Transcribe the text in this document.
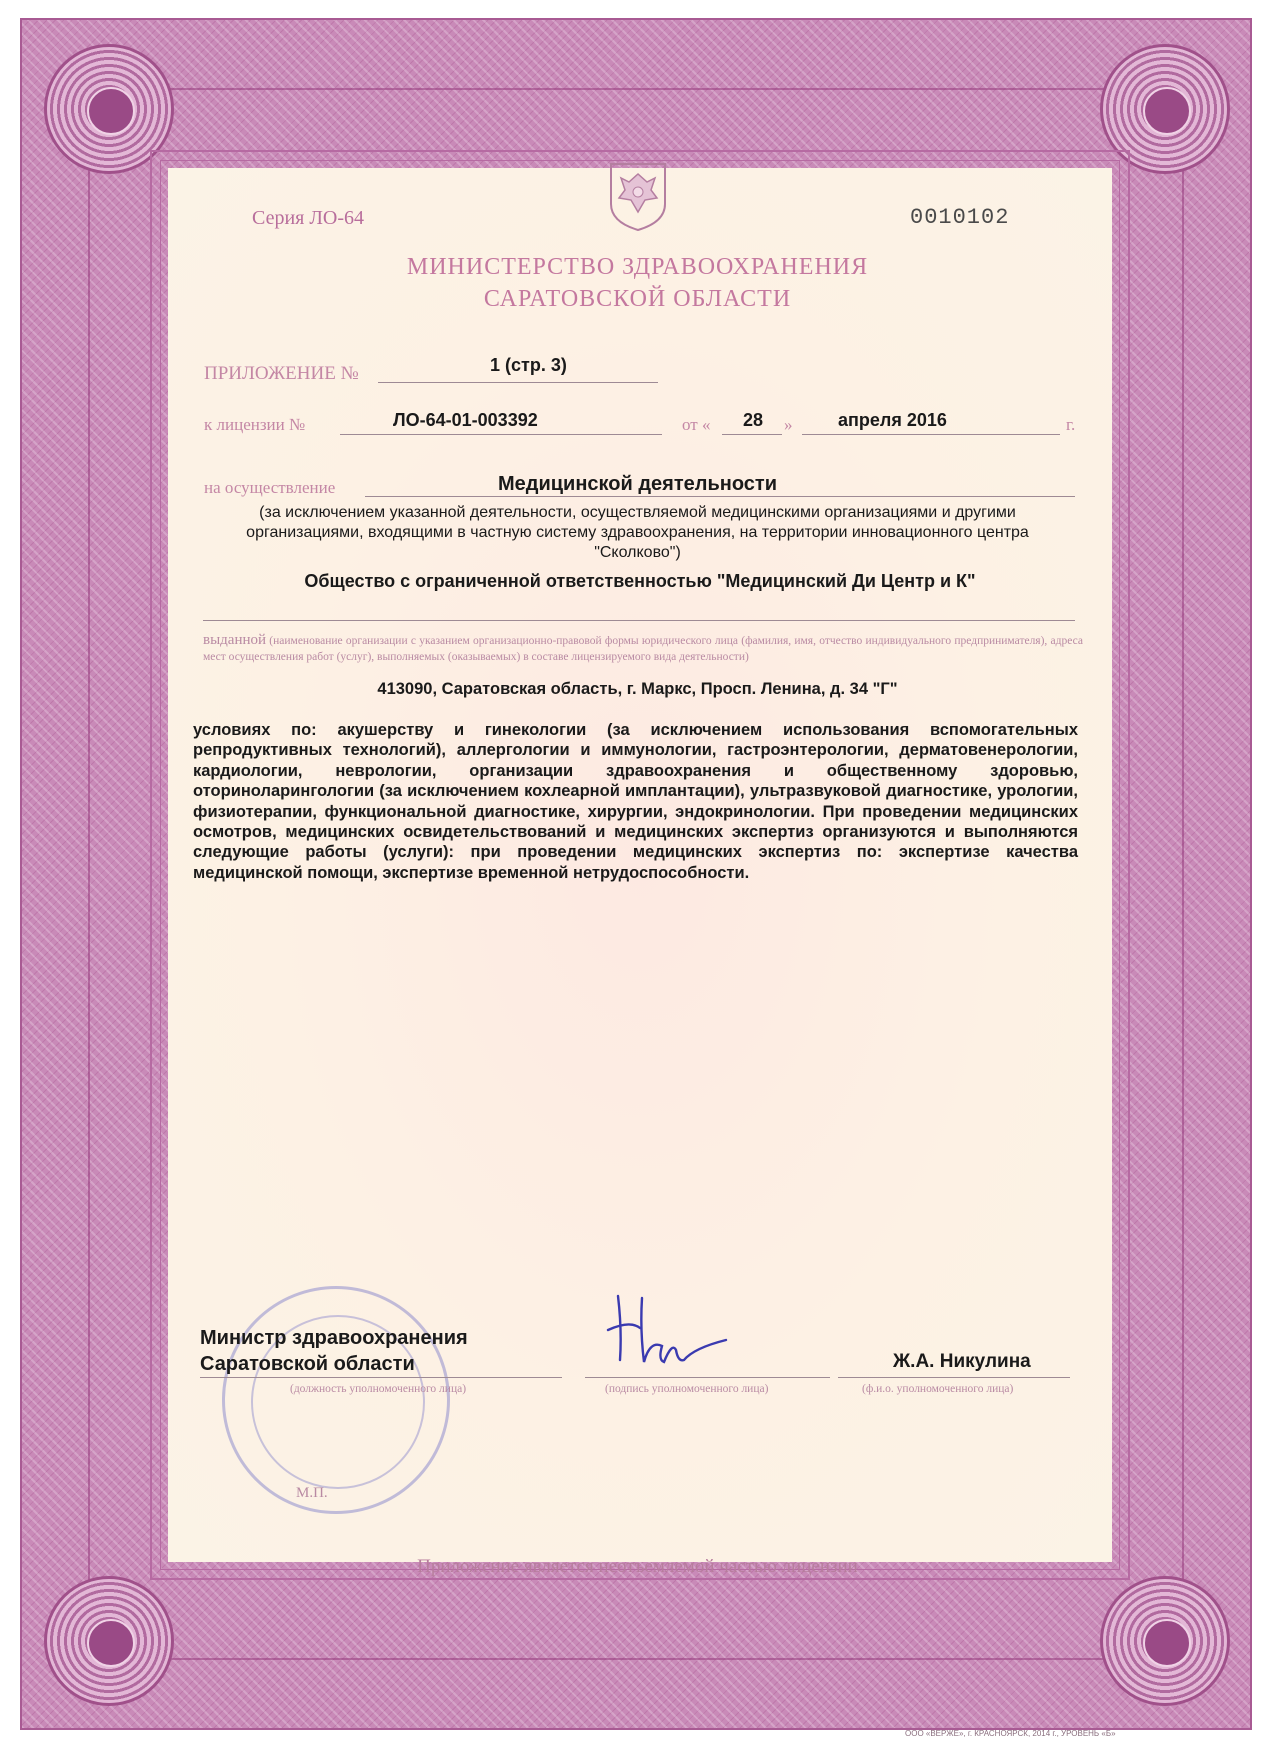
Серия ЛО-64	0010102
МИНИСТЕРСТВО ЗДРАВООХРАНЕНИЯ
САРАТОВСКОЙ ОБЛАСТИ
ПРИЛОЖЕНИЕ №	1 (стр. 3)
к лицензии №	ЛО-64-01-003392	от « 28 »	апреля 2016	г.
на осуществление	Медицинской деятельности
(за исключением указанной деятельности, осуществляемой медицинскими организациями и другими организациями, входящими в частную систему здравоохранения, на территории инновационного центра "Сколково")
Общество с ограниченной ответственностью "Медицинский Ди Центр и К"
выданной (наименование организации с указанием организационно-правовой формы юридического лица (фамилия, имя, отчество индивидуального предпринимателя), адреса мест осуществления работ (услуг), выполняемых (оказываемых) в составе лицензируемого вида деятельности)
413090, Саратовская область, г. Маркс, Просп. Ленина, д. 34 "Г"
условиях по: акушерству и гинекологии (за исключением использования вспомогательных репродуктивных технологий), аллергологии и иммунологии, гастроэнтерологии, дерматовенерологии, кардиологии, неврологии, организации здравоохранения и общественному здоровью, оториноларингологии (за исключением кохлеарной имплантации), ультразвуковой диагностике, урологии, физиотерапии, функциональной диагностике, хирургии, эндокринологии. При проведении медицинских осмотров, медицинских освидетельствований и медицинских экспертиз организуются и выполняются следующие работы (услуги): при проведении медицинских экспертиз по: экспертизе качества медицинской помощи, экспертизе временной нетрудоспособности.
М.П.
Министр здравоохранения
Саратовской области
(должность уполномоченного лица)	(подпись уполномоченного лица)
Ж.А. Никулина
(ф.и.о. уполномоченного лица)
Приложение является неотъемлемой частью лицензии
ООО «ВЕРЖЕ», г. КРАСНОЯРСК, 2014 г., УРОВЕНЬ «Б»
